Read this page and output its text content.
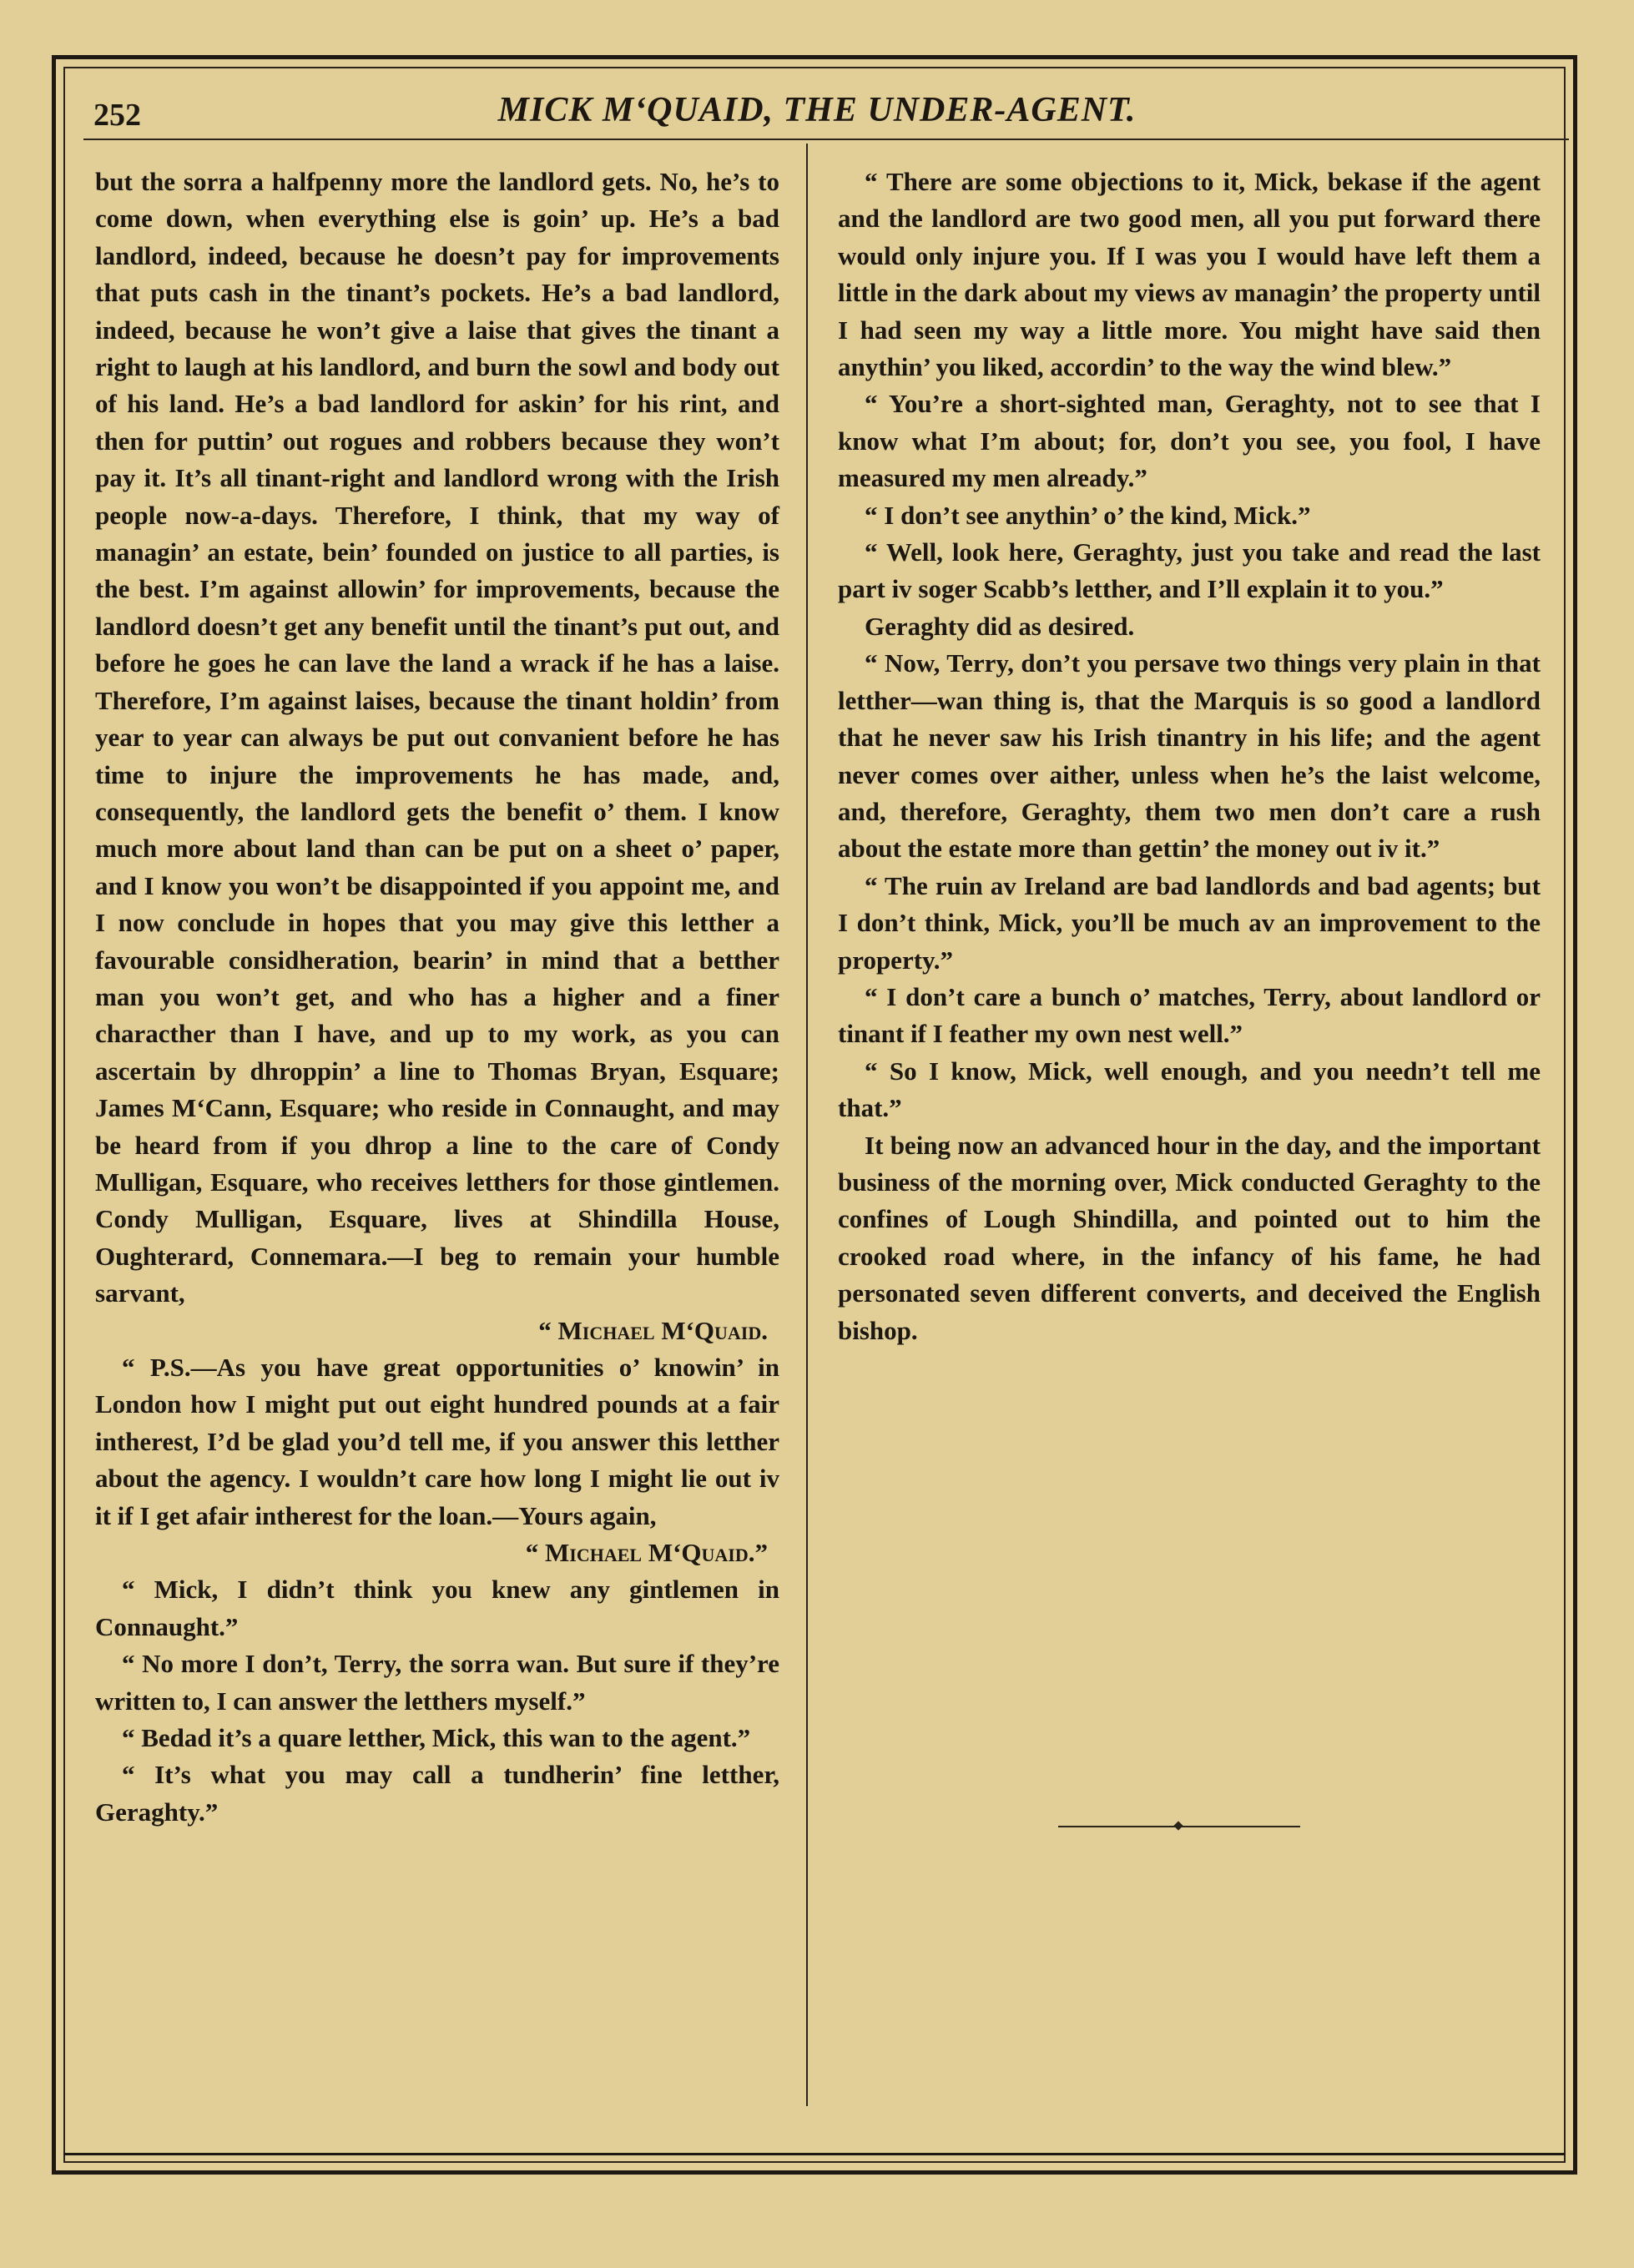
252	MICK M‘QUAID, THE UNDER-AGENT.

but the sorra a halfpenny more the landlord gets. No, he’s to come down, when everything else is goin’ up. He’s a bad landlord, indeed, because he doesn’t pay for improvements that puts cash in the tinant’s pockets. He’s a bad landlord, indeed, because he won’t give a laise that gives the tinant a right to laugh at his landlord, and burn the sowl and body out of his land. He’s a bad landlord for askin’ for his rint, and then for puttin’ out rogues and robbers because they won’t pay it. It’s all tinant-right and landlord wrong with the Irish people now-a-days. Therefore, I think, that my way of managin’ an estate, bein’ founded on justice to all parties, is the best. I’m against allowin’ for improvements, because the landlord doesn’t get any benefit until the tinant’s put out, and before he goes he can lave the land a wrack if he has a laise. Therefore, I’m against laises, because the tinant holdin’ from year to year can always be put out convanient before he has time to injure the improvements he has made, and, consequently, the landlord gets the benefit o’ them. I know much more about land than can be put on a sheet o’ paper, and I know you won’t be disappointed if you appoint me, and I now conclude in hopes that you may give this letther a favourable considheration, bearin’ in mind that a betther man you won’t get, and who has a higher and a finer characther than I have, and up to my work, as you can ascertain by dhroppin’ a line to Thomas Bryan, Esquare; James M‘Cann, Esquare; who reside in Connaught, and may be heard from if you dhrop a line to the care of Condy Mulligan, Esquare, who receives letthers for those gintlemen. Condy Mulligan, Esquare, lives at Shindilla House, Oughterard, Connemara.—I beg to remain your humble sarvant,

“ Michael M‘Quaid.

“ P.S.—As you have great opportunities o’ knowin’ in London how I might put out eight hundred pounds at a fair intherest, I’d be glad you’d tell me, if you answer this letther about the agency. I wouldn’t care how long I might lie out iv it if I get afair intherest for the loan.—Yours again,

“ Michael M‘Quaid.”

“ Mick, I didn’t think you knew any gintlemen in Connaught.”

“ No more I don’t, Terry, the sorra wan. But sure if they’re written to, I can answer the letthers myself.”

“ Bedad it’s a quare letther, Mick, this wan to the agent.”

“ It’s what you may call a tundherin’ fine letther, Geraghty.”

“ There are some objections to it, Mick, bekase if the agent and the landlord are two good men, all you put forward there would only injure you. If I was you I would have left them a little in the dark about my views av managin’ the property until I had seen my way a little more. You might have said then anythin’ you liked, accordin’ to the way the wind blew.”

“ You’re a short-sighted man, Geraghty, not to see that I know what I’m about; for, don’t you see, you fool, I have measured my men already.”

“ I don’t see anythin’ o’ the kind, Mick.”

“ Well, look here, Geraghty, just you take and read the last part iv soger Scabb’s letther, and I’ll explain it to you.”

Geraghty did as desired.

“ Now, Terry, don’t you persave two things very plain in that letther—wan thing is, that the Marquis is so good a landlord that he never saw his Irish tinantry in his life; and the agent never comes over aither, unless when he’s the laist welcome, and, therefore, Geraghty, them two men don’t care a rush about the estate more than gettin’ the money out iv it.”

“ The ruin av Ireland are bad landlords and bad agents; but I don’t think, Mick, you’ll be much av an improvement to the property.”

“ I don’t care a bunch o’ matches, Terry, about landlord or tinant if I feather my own nest well.”

“ So I know, Mick, well enough, and you needn’t tell me that.”

It being now an advanced hour in the day, and the important business of the morning over, Mick conducted Geraghty to the confines of Lough Shindilla, and pointed out to him the crooked road where, in the infancy of his fame, he had personated seven different converts, and deceived the English bishop.
